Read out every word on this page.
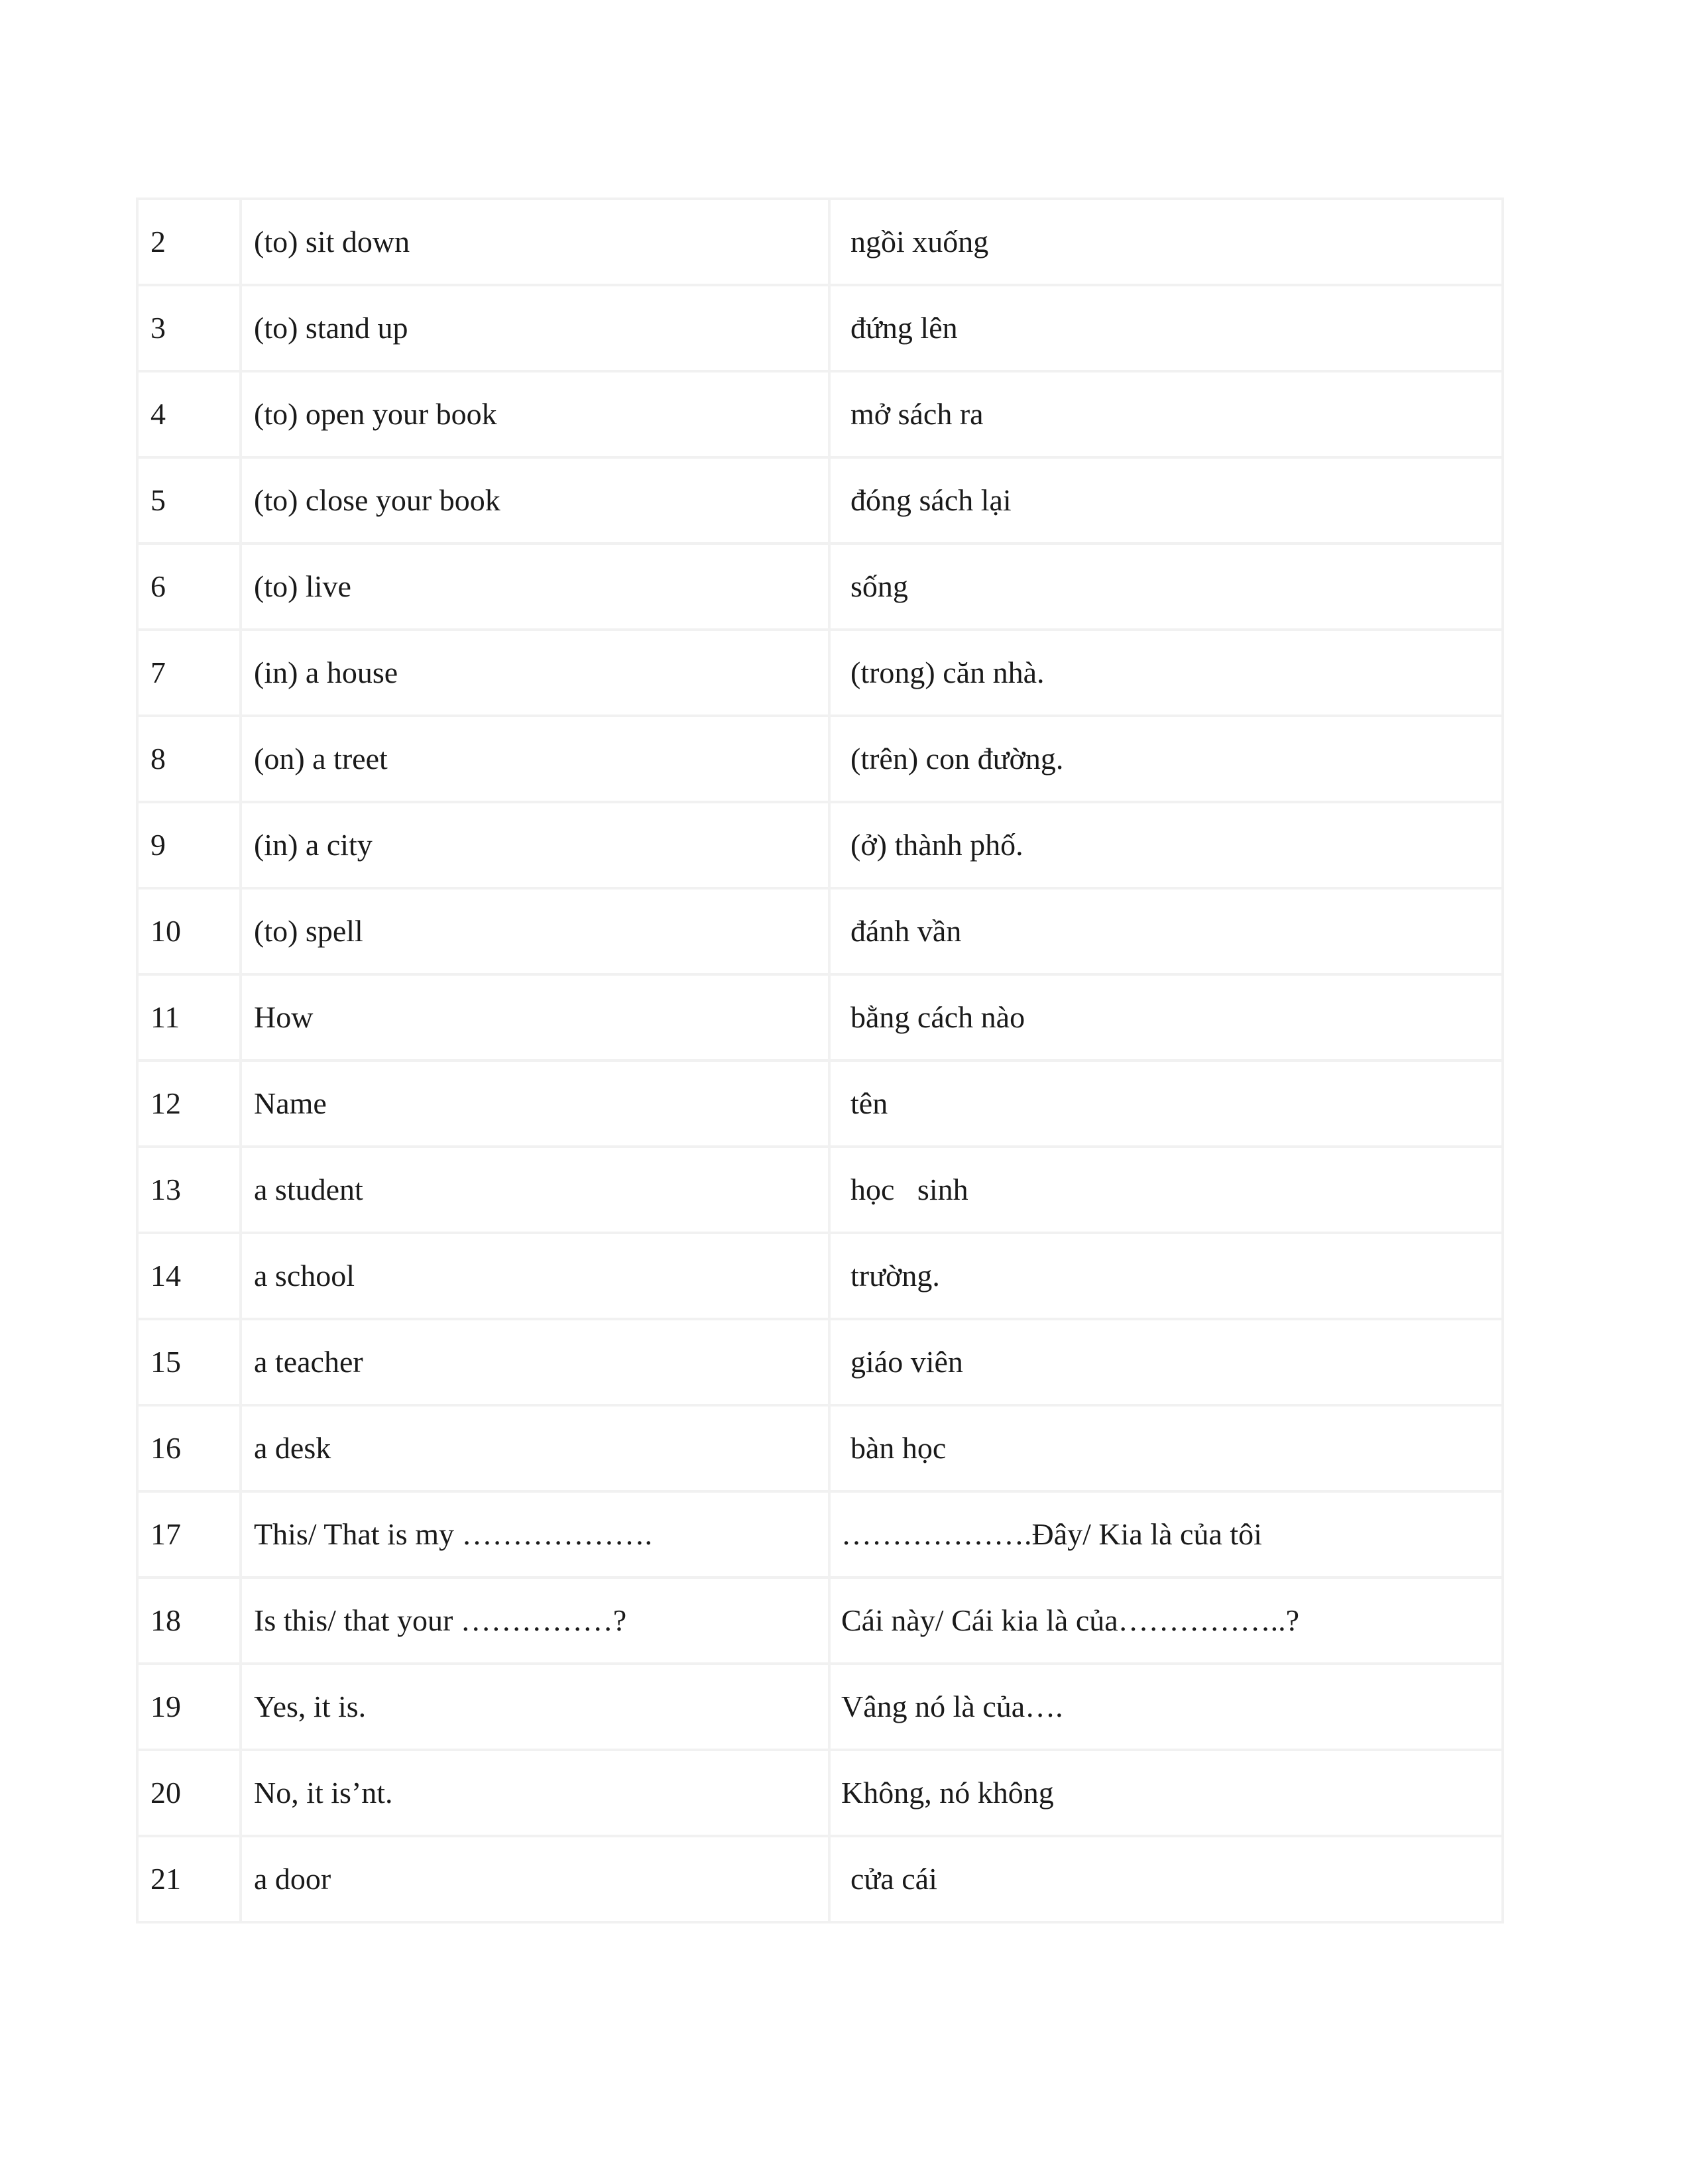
2	(to) sit down	ngồi xuống
3	(to) stand up	đứng lên
4	(to) open your book	mở sách ra
5	(to) close your book	đóng sách lại
6	(to) live	sống
7	(in) a house	(trong) căn nhà.
8	(on) a treet	(trên) con đường.
9	(in) a city	(ở) thành phố.
10	(to) spell	đánh vần
11	How	bằng cách nào
12	Name	tên
13	a student	học   sinh
14	a school	trường.
15	a teacher	giáo viên
16	a desk	bàn học
17	This/ That is my ……………….	……………….Đây/ Kia là của tôi
18	Is this/ that your ……………?	Cái này/ Cái kia là của……………..?
19	Yes, it is.	Vâng nó là của….
20	No, it is’nt.	Không, nó không
21	a door	cửa cái
